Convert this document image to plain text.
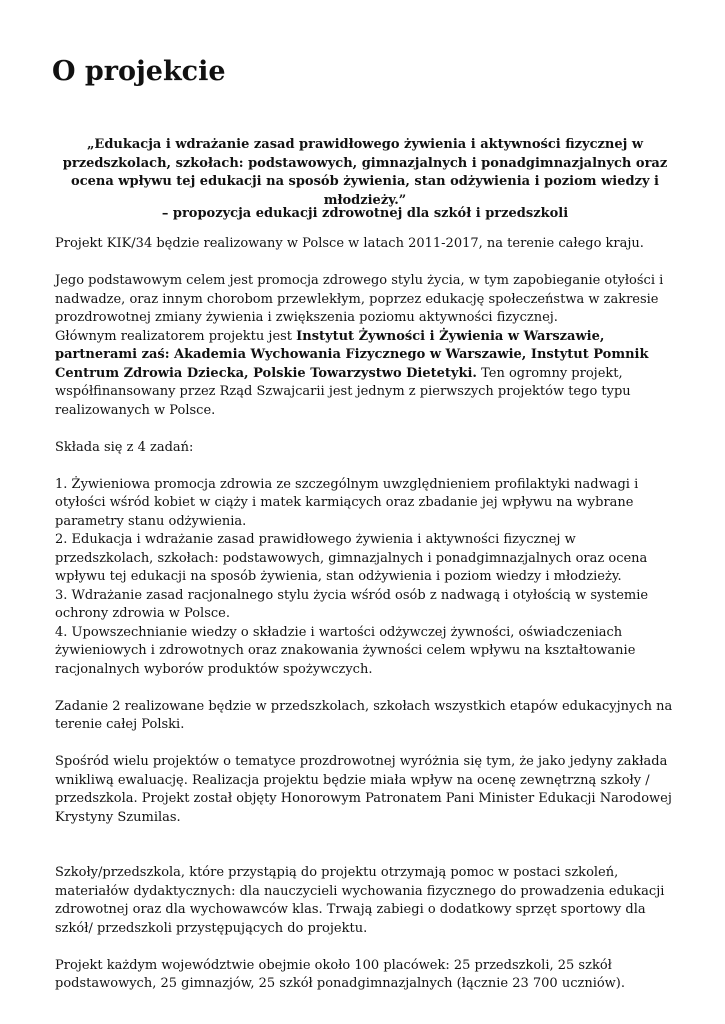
O projekcie

„Edukacja i wdrażanie zasad prawidłowego żywienia i aktywności fizycznej w przedszkolach, szkołach: podstawowych, gimnazjalnych i ponadgimnazjalnych oraz ocena wpływu tej edukacji na sposób żywienia, stan odżywienia i poziom wiedzy i młodzieży.”

– propozycja edukacji zdrowotnej dla szkół i przedszkoli

Projekt KIK/34 będzie realizowany w Polsce w latach 2011-2017, na terenie całego kraju.

Jego podstawowym celem jest promocja zdrowego stylu życia, w tym zapobieganie otyłości i nadwadze, oraz innym chorobom przewlekłym, poprzez edukację społeczeństwa w zakresie prozdrowotnej zmiany żywienia i zwiększenia poziomu aktywności fizycznej.

Głównym realizatorem projektu jest Instytut Żywności i Żywienia w Warszawie, partnerami zaś: Akademia Wychowania Fizycznego w Warszawie, Instytut Pomnik Centrum Zdrowia Dziecka, Polskie Towarzystwo Dietetyki. Ten ogromny projekt, współfinansowany przez Rząd Szwajcarii jest jednym z pierwszych projektów tego typu realizowanych w Polsce.

Składa się z 4 zadań:

1. Żywieniowa promocja zdrowia ze szczególnym uwzględnieniem profilaktyki nadwagi i otyłości wśród kobiet w ciąży i matek karmiących oraz zbadanie jej wpływu na wybrane parametry stanu odżywienia.

2. Edukacja i wdrażanie zasad prawidłowego żywienia i aktywności fizycznej w przedszkolach, szkołach: podstawowych, gimnazjalnych i ponadgimnazjalnych oraz ocena wpływu tej edukacji na sposób żywienia, stan odżywienia i poziom wiedzy i młodzieży.

3. Wdrażanie zasad racjonalnego stylu życia wśród osób z nadwagą i otyłością w systemie ochrony zdrowia w Polsce.

4. Upowszechnianie wiedzy o składzie i wartości odżywczej żywności, oświadczeniach żywieniowych i zdrowotnych oraz znakowania żywności celem wpływu na kształtowanie racjonalnych wyborów produktów spożywczych.

Zadanie 2 realizowane będzie w przedszkolach, szkołach wszystkich etapów edukacyjnych na terenie całej Polski.

Spośród wielu projektów o tematyce prozdrowotnej wyróżnia się tym, że jako jedyny zakłada wnikliwą ewaluację. Realizacja projektu będzie miała wpływ na ocenę zewnętrzną szkoły / przedszkola. Projekt został objęty Honorowym Patronatem Pani Minister Edukacji Narodowej Krystyny Szumilas.

Szkoły/przedszkola, które przystąpią do projektu otrzymają pomoc w postaci szkoleń, materiałów dydaktycznych: dla nauczycieli wychowania fizycznego do prowadzenia edukacji zdrowotnej oraz dla wychowawców klas. Trwają zabiegi o dodatkowy sprzęt sportowy dla szkół/ przedszkoli przystępujących do projektu.

Projekt każdym województwie obejmie około 100 placówek: 25 przedszkoli, 25 szkół podstawowych, 25 gimnazjów, 25 szkół ponadgimnazjalnych (łącznie 23 700 uczniów).
